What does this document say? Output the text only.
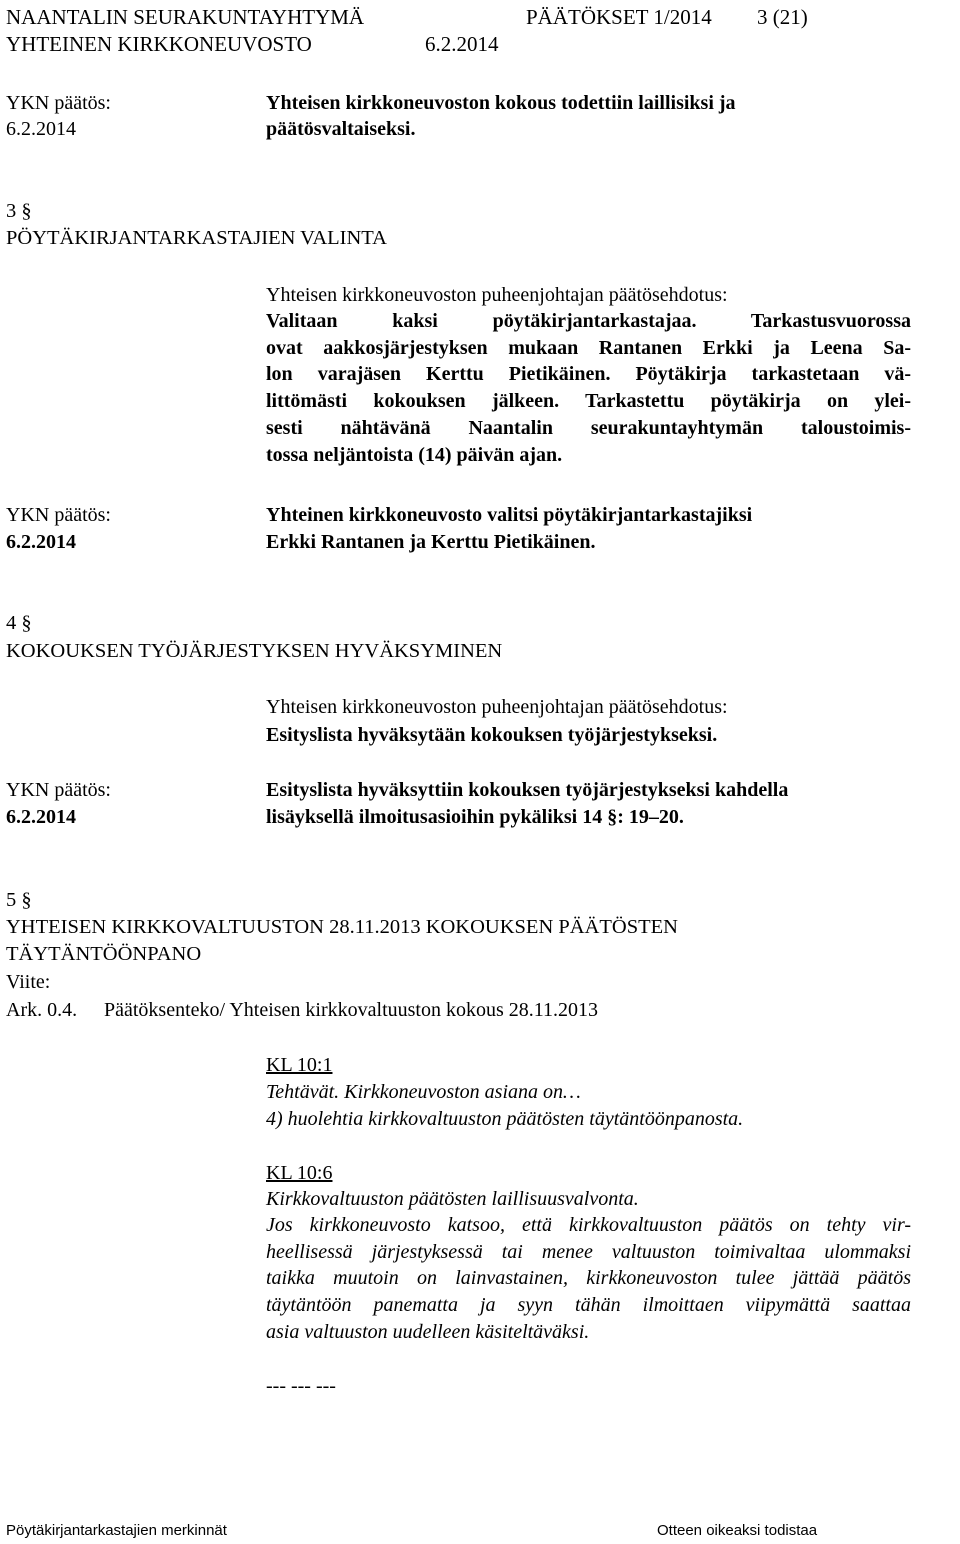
NAANTALIN SEURAKUNTAYHTYMÄ	PÄÄTÖKSET 1/2014 3 (21)
YHTEINEN KIRKKONEUVOSTO	6.2.2014
YKN päätös:
6.2.2014
Yhteisen kirkkoneuvoston kokous todettiin laillisiksi ja
päätösvaltaiseksi.
3 §
PÖYTÄKIRJANTARKASTAJIEN VALINTA
Yhteisen kirkkoneuvoston puheenjohtajan päätösehdotus:
Valitaan kaksi pöytäkirjantarkastajaa. Tarkastusvuorossa
ovat aakkosjärjestyksen mukaan Rantanen Erkki ja Leena Sa-
lon varajäsen Kerttu Pietikäinen. Pöytäkirja tarkastetaan vä-
littömästi kokouksen jälkeen. Tarkastettu pöytäkirja on ylei-
sesti nähtävänä Naantalin seurakuntayhtymän taloustoimis-
tossa neljäntoista (14) päivän ajan.
YKN päätös:
6.2.2014
Yhteinen kirkkoneuvosto valitsi pöytäkirjantarkastajiksi
Erkki Rantanen ja Kerttu Pietikäinen.
4 §
KOKOUKSEN TYÖJÄRJESTYKSEN HYVÄKSYMINEN
Yhteisen kirkkoneuvoston puheenjohtajan päätösehdotus:
Esityslista hyväksytään kokouksen työjärjestykseksi.
YKN päätös:
6.2.2014
Esityslista hyväksyttiin kokouksen työjärjestykseksi kahdella
lisäyksellä ilmoitusasioihin pykäliksi 14 §: 19–20.
5 §
YHTEISEN KIRKKOVALTUUSTON 28.11.2013 KOKOUKSEN PÄÄTÖSTEN
TÄYTÄNTÖÖNPANO
Viite:
Ark. 0.4. Päätöksenteko/ Yhteisen kirkkovaltuuston kokous 28.11.2013
KL 10:1
Tehtävät. Kirkkoneuvoston asiana on…
4) huolehtia kirkkovaltuuston päätösten täytäntöönpanosta.
KL 10:6
Kirkkovaltuuston päätösten laillisuusvalvonta.
Jos kirkkoneuvosto katsoo, että kirkkovaltuuston päätös on tehty vir-
heellisessä järjestyksessä tai menee valtuuston toimivaltaa ulommaksi
taikka muutoin on lainvastainen, kirkkoneuvoston tulee jättää päätös
täytäntöön panematta ja syyn tähän ilmoittaen viipymättä saattaa
asia valtuuston uudelleen käsiteltäväksi.
--- --- ---
Pöytäkirjantarkastajien merkinnät	Otteen oikeaksi todistaa
